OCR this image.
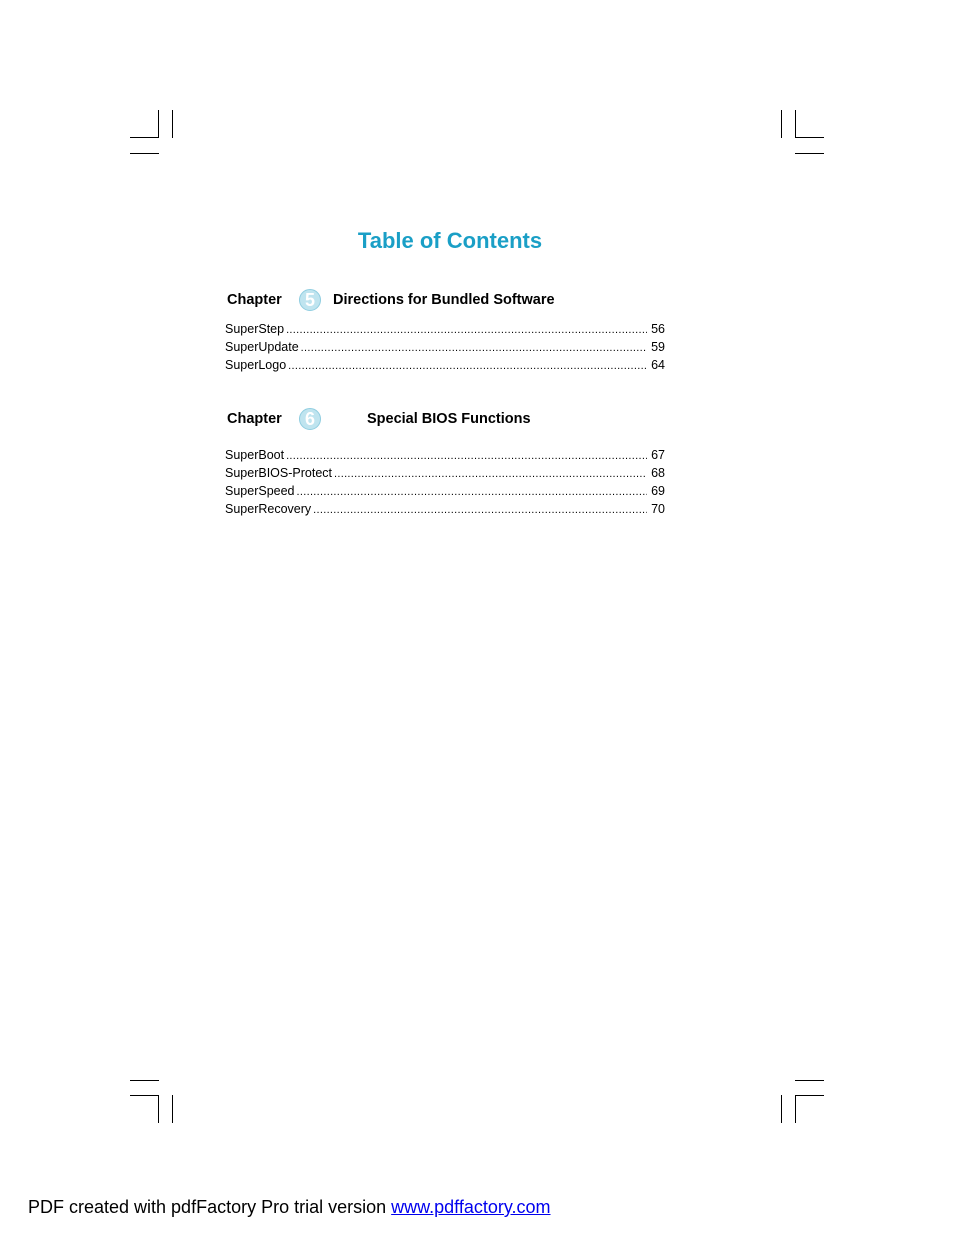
Table of Contents
Chapter	5	Directions for Bundled Software
SuperStep .....	56
SuperUpdate .....	59
SuperLogo .....	64
Chapter	6	Special BIOS Functions
SuperBoot .....	67
SuperBIOS-Protect .....	68
SuperSpeed .....	69
SuperRecovery .....	70
PDF created with pdfFactory Pro trial version www.pdffactory.com
